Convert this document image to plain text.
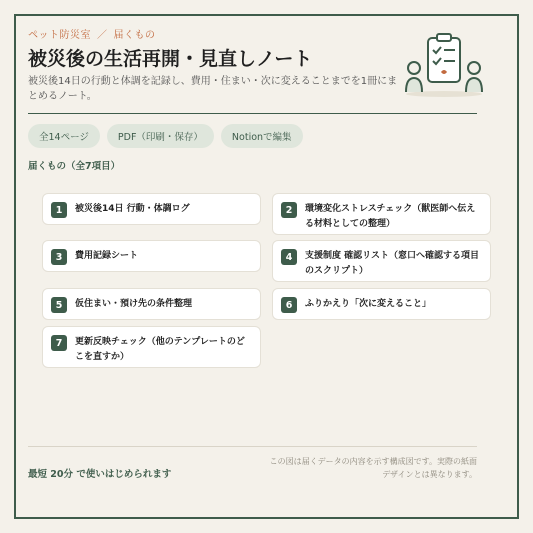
ペット防災室 ／ 届くもの
被災後の生活再開・見直しノート
被災後14日の行動と体調を記録し、費用・住まい・次に変えることまでを1冊にまとめるノート。
全14ページ	PDF（印刷・保存）	Notionで編集
届くもの（全7項目）
1	被災後14日 行動・体調ログ	2	環境変化ストレスチェック（獣医師へ伝える材料としての整理）
3	費用記録シート	4	支援制度 確認リスト（窓口へ確認する項目のスクリプト）
5	仮住まい・預け先の条件整理	6	ふりかえり「次に変えること」
7	更新反映チェック（他のテンプレートのどこを直すか）
最短 20分 で使いはじめられます
この図は届くデータの内容を示す構成図です。実際の紙面デザインとは異なります。
